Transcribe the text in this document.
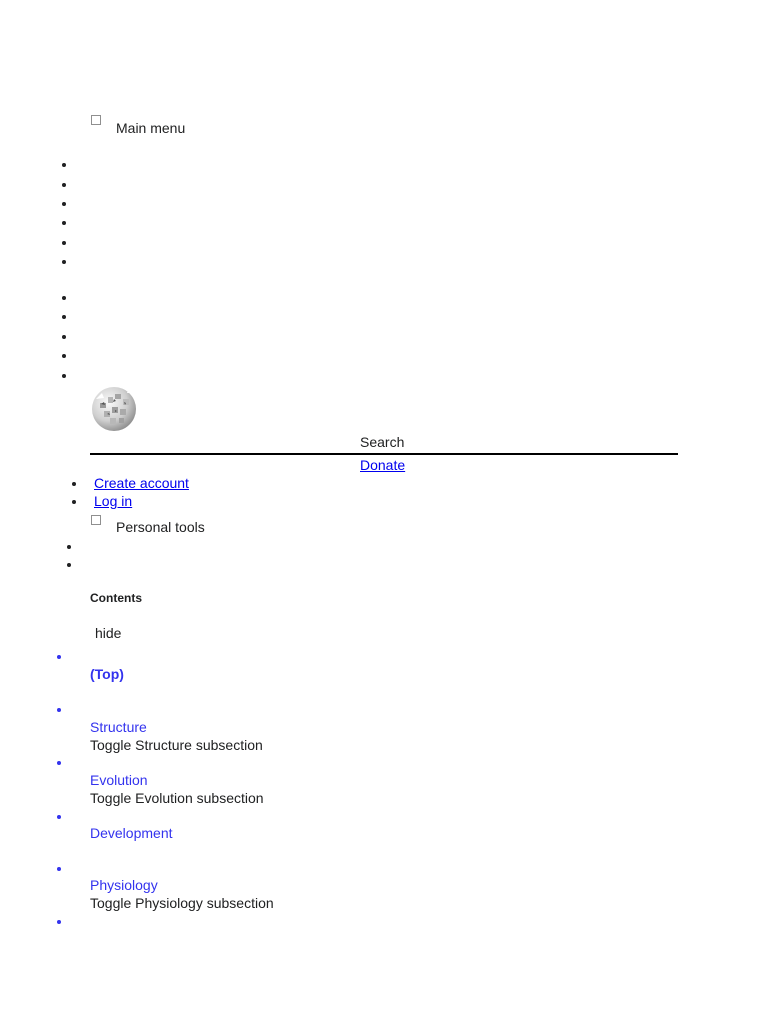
Main menu
Search
Donate
Create account
Log in
Personal tools
Contents
hide
(Top)
Structure
Toggle Structure subsection
Evolution
Toggle Evolution subsection
Development
Physiology
Toggle Physiology subsection
